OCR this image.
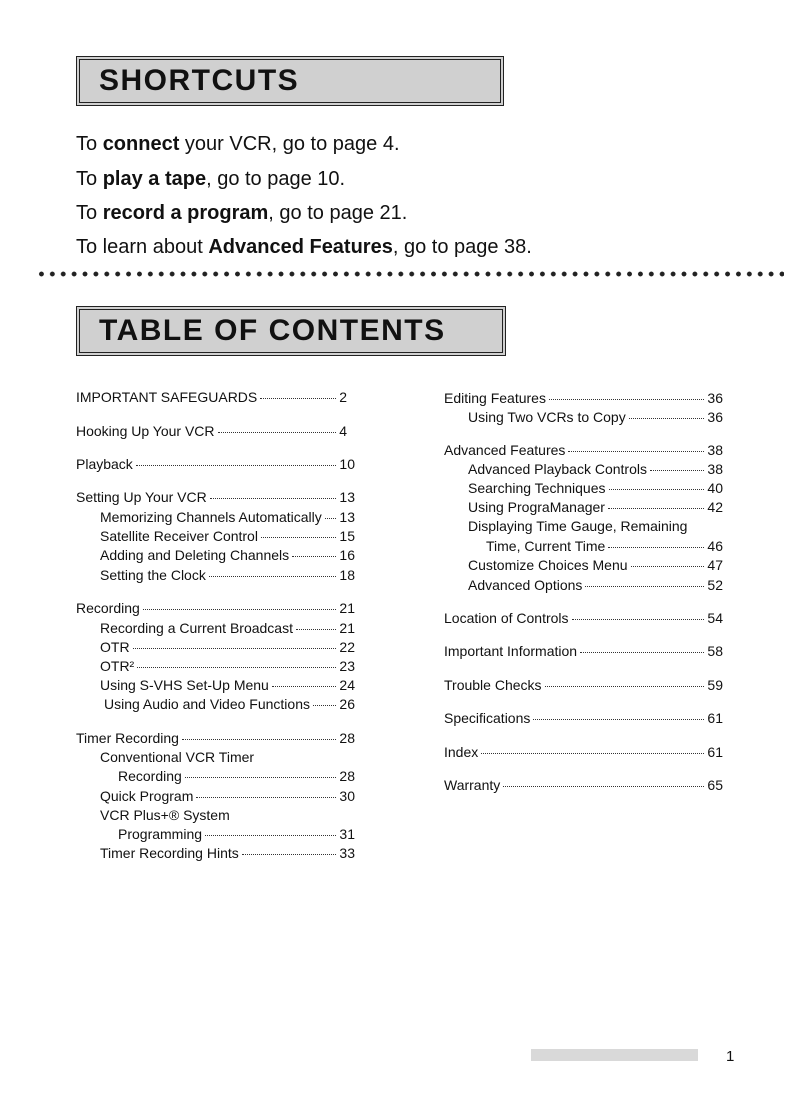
SHORTCUTS
To connect your VCR, go to page 4.
To play a tape, go to page 10.
To record a program, go to page 21.
To learn about Advanced Features, go to page 38.
TABLE OF CONTENTS
IMPORTANT SAFEGUARDS	2
Hooking Up Your VCR	4
Playback	10
Setting Up Your VCR	13
Memorizing Channels Automatically 13
Satellite Receiver Control	15
Adding and Deleting Channels	16
Setting the Clock	18
Recording	21
Recording a Current Broadcast	21
OTR	22
OTR²	23
Using S-VHS Set-Up Menu	24
Using Audio and Video Functions 26
Timer Recording	28
Conventional VCR Timer
Recording	28
Quick Program	30
VCR Plus+® System
Programming	31
Timer Recording Hints	33
Editing Features	36
Using Two VCRs to Copy	36
Advanced Features	38
Advanced Playback Controls	38
Searching Techniques	40
Using PrograManager	42
Displaying Time Gauge, Remaining
Time, Current Time	46
Customize Choices Menu	47
Advanced Options	52
Location of Controls	54
Important Information	58
Trouble Checks	59
Specifications	61
Index	61
Warranty	65
1
